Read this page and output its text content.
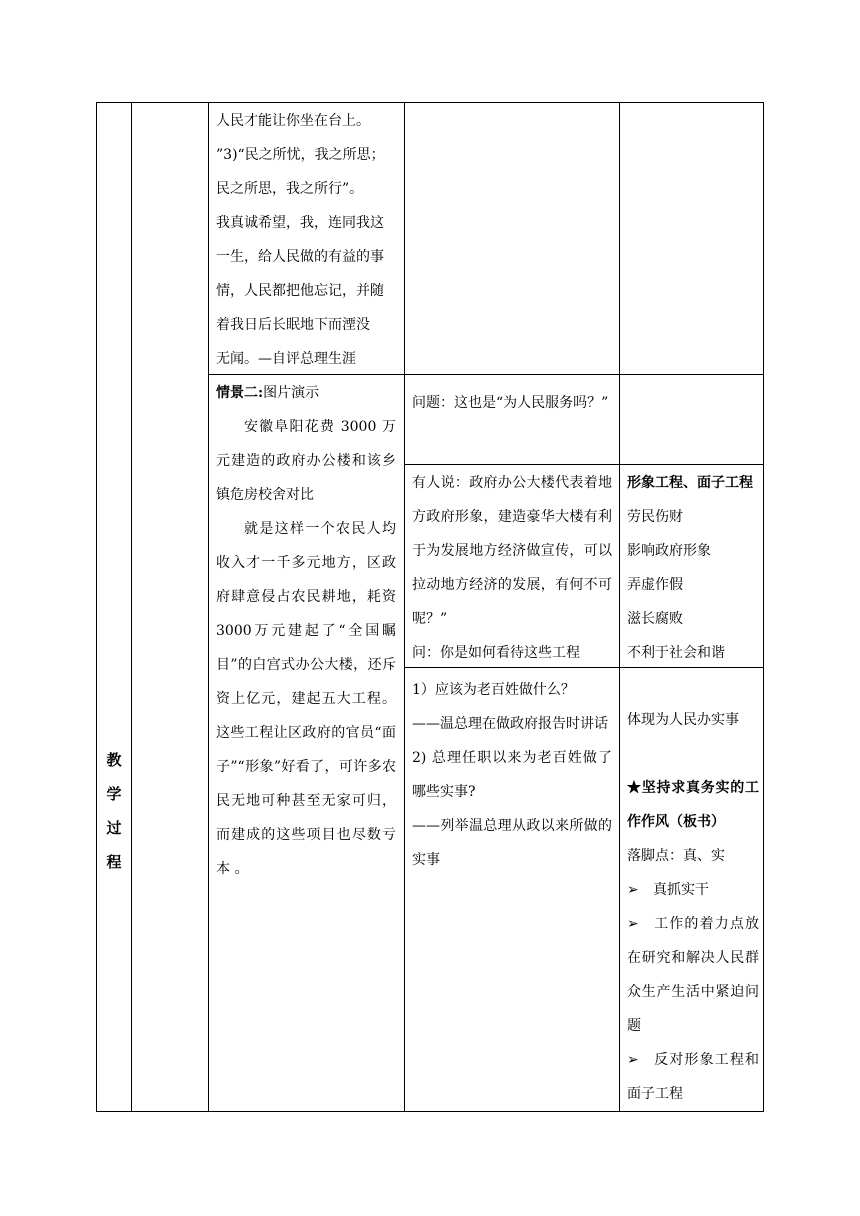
教
学
过
程

人民才能让你坐在台上。

”3)“民之所忧，我之所思；

民之所思，我之所行”。

我真诚希望，我，连同我这

一生，给人民做的有益的事

情，人民都把他忘记，并随

着我日后长眠地下而湮没

无闻。—自评总理生涯

情景二:图片演示

安徽阜阳花费 3000 万元建造的政府办公楼和该乡镇危房校舍对比

就是这样一个农民人均收入才一千多元地方，区政府肆意侵占农民耕地，耗资3000万元建起了“全国瞩目”的白宫式办公大楼，还斥资上亿元，建起五大工程。这些工程让区政府的官员“面子”“形象”好看了，可许多农民无地可种甚至无家可归，而建成的这些项目也尽数亏本 。

问题：这也是“为人民服务吗？”

有人说：政府办公大楼代表着地方政府形象，建造豪华大楼有利于为发展地方经济做宣传，可以拉动地方经济的发展，有何不可呢？”

问：你是如何看待这些工程

形象工程、面子工程

劳民伤财

影响政府形象

弄虚作假

滋长腐败

不利于社会和谐

1）应该为老百姓做什么？

——温总理在做政府报告时讲话

2) 总理任职以来为老百姓做了哪些实事?

——列举温总理从政以来所做的实事

体现为人民办实事

★坚持求真务实的工作作风（板书）

落脚点：真、实

➢ 真抓实干

➢ 工作的着力点放在研究和解决人民群众生产生活中紧迫问题

➢ 反对形象工程和面子工程
